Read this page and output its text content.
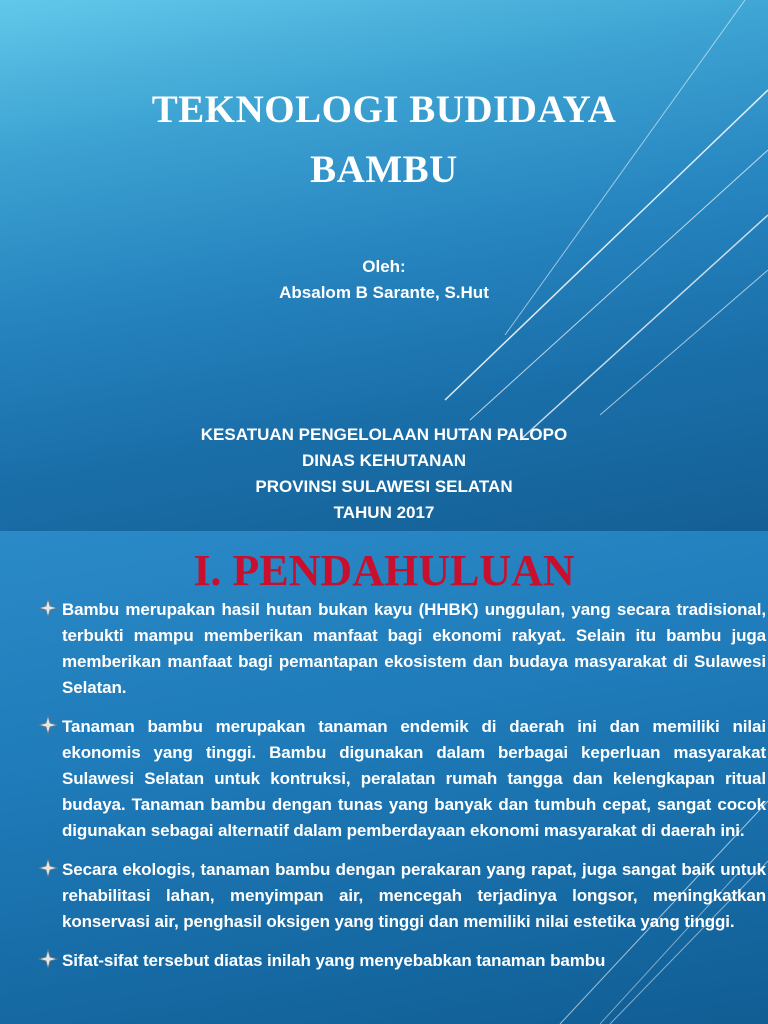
TEKNOLOGI BUDIDAYA
BAMBU
Oleh:
Absalom B Sarante, S.Hut
KESATUAN PENGELOLAAN HUTAN PALOPO
DINAS KEHUTANAN
PROVINSI SULAWESI SELATAN
TAHUN 2017
I. PENDAHULUAN
Bambu merupakan hasil hutan bukan kayu (HHBK) unggulan, yang secara tradisional, terbukti mampu memberikan manfaat bagi ekonomi rakyat. Selain itu bambu juga memberikan manfaat bagi pemantapan ekosistem dan budaya masyarakat di Sulawesi Selatan.
Tanaman bambu merupakan tanaman endemik di daerah ini dan memiliki nilai ekonomis yang tinggi. Bambu digunakan dalam berbagai keperluan masyarakat Sulawesi Selatan untuk kontruksi, peralatan rumah tangga dan kelengkapan ritual budaya. Tanaman bambu dengan tunas yang banyak dan tumbuh cepat, sangat cocok digunakan sebagai alternatif dalam pemberdayaan ekonomi masyarakat di daerah ini.
Secara ekologis, tanaman bambu dengan perakaran yang rapat, juga sangat baik untuk rehabilitasi lahan, menyimpan air, mencegah terjadinya longsor, meningkatkan konservasi air, penghasil oksigen yang tinggi dan memiliki nilai estetika yang tinggi.
Sifat-sifat tersebut diatas inilah yang menyebabkan tanaman bambu
